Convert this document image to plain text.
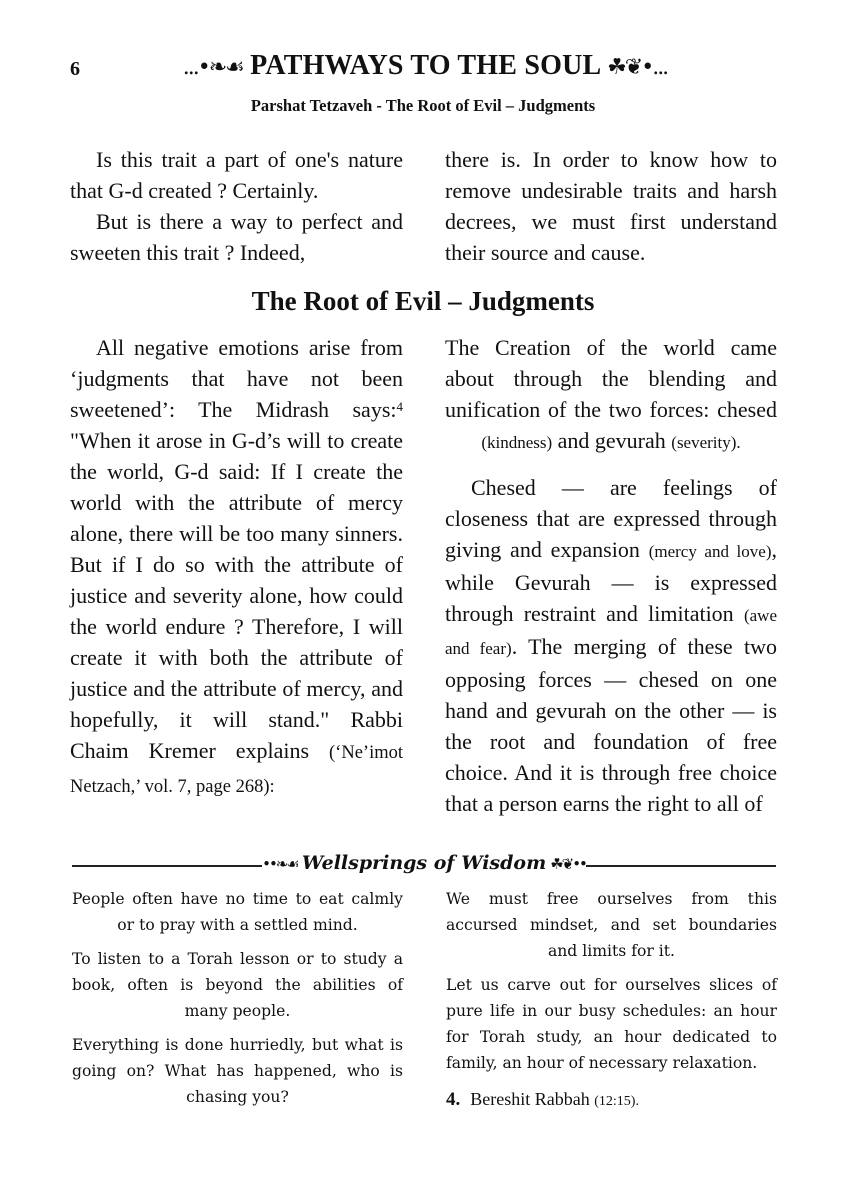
6	...•❧☙ PATHWAYS TO THE SOUL ☘❦•...
Parshat Tetzaveh - The Root of Evil – Judgments

Is this trait a part of one's nature that G-d created ? Certainly.

But is there a way to perfect and sweeten this trait ? Indeed,

there is. In order to know how to remove undesirable traits and harsh decrees, we must first understand their source and cause.

The Root of Evil – Judgments

All negative emotions arise from ‘judgments that have not been sweetened’: The Midrash says:$^4$ "When it arose in G-d’s will to create the world, G-d said: If I create the world with the attribute of mercy alone, there will be too many sinners. But if I do so with the attribute of justice and severity alone, how could the world endure ? Therefore, I will create it with both the attribute of justice and the attribute of mercy, and hopefully, it will stand." Rabbi Chaim Kremer explains (‘Ne’imot Netzach,’ vol. 7, page 268):

The Creation of the world came about through the blending and unification of the two forces: chesed (kindness) and gevurah (severity).

Chesed — are feelings of closeness that are expressed through giving and expansion (mercy and love), while Gevurah — is expressed through restraint and limitation (awe and fear). The merging of these two opposing forces — chesed on one hand and gevurah on the other — is the root and foundation of free choice. And it is through free choice that a person earns the right to all of

••❧☙ Wellsprings of Wisdom ☘❦••

People often have no time to eat calmly or to pray with a settled mind.

To listen to a Torah lesson or to study a book, often is beyond the abilities of many people.

Everything is done hurriedly, but what is going on? What has happened, who is chasing you?

We must free ourselves from this accursed mindset, and set boundaries and limits for it.

Let us carve out for ourselves slices of pure life in our busy schedules: an hour for Torah study, an hour dedicated to family, an hour of necessary relaxation.

4. Bereshit Rabbah (12:15).
